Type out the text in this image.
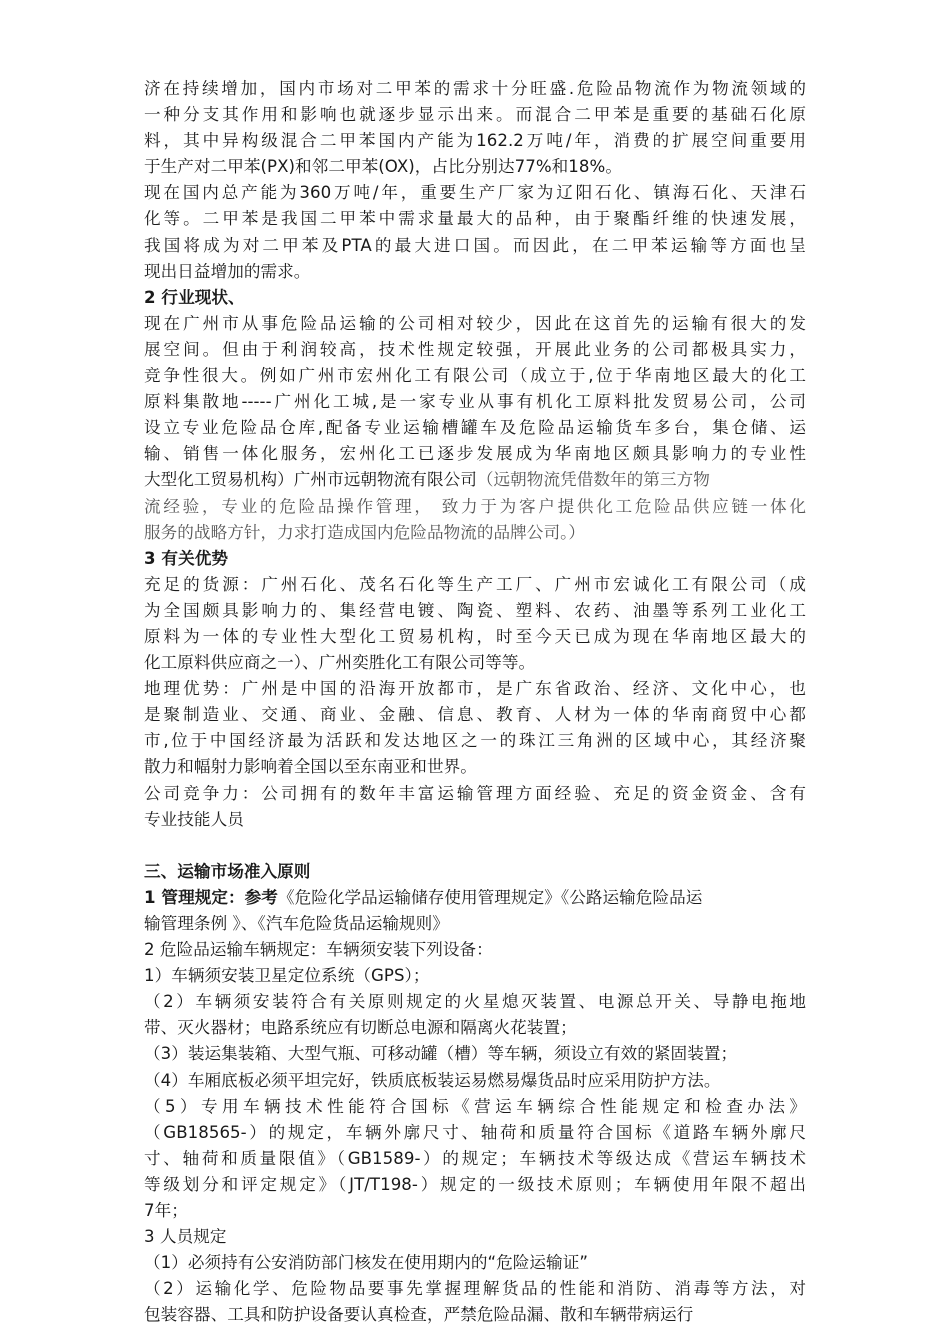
济在持续增加，国内市场对二甲苯的需求十分旺盛.危险品物流作为物流领域的
一种分支其作用和影响也就逐步显示出来。而混合二甲苯是重要的基础石化原
料，其中异构级混合二甲苯国内产能为162.2万吨/年，消费的扩展空间重要用
于生产对二甲苯(PX)和邻二甲苯(OX)，占比分别达77%和18%。
现在国内总产能为360万吨/年，重要生产厂家为辽阳石化、镇海石化、天津石
化等。二甲苯是我国二甲苯中需求量最大的品种，由于聚酯纤维的快速发展，
我国将成为对二甲苯及PTA的最大进口国。而因此，在二甲苯运输等方面也呈
现出日益增加的需求。
2 行业现状、
现在广州市从事危险品运输的公司相对较少，因此在这首先的运输有很大的发
展空间。但由于利润较高，技术性规定较强，开展此业务的公司都极具实力，
竞争性很大。例如广州市宏州化工有限公司（成立于,位于华南地区最大的化工
原料集散地-----广州化工城,是一家专业从事有机化工原料批发贸易公司，公司
设立专业危险品仓库,配备专业运输槽罐车及危险品运输货车多台，集仓储、运
输、销售一体化服务，宏州化工已逐步发展成为华南地区颇具影响力的专业性
大型化工贸易机构）广州市远朝物流有限公司（远朝物流凭借数年的第三方物
流经验，专业的危险品操作管理， 致力于为客户提供化工危险品供应链一体化
服务的战略方针，力求打造成国内危险品物流的品牌公司。）
3 有关优势
充足的货源：广州石化、茂名石化等生产工厂、广州市宏诚化工有限公司（成
为全国颇具影响力的、集经营电镀、陶瓷、塑料、农药、油墨等系列工业化工
原料为一体的专业性大型化工贸易机构，时至今天已成为现在华南地区最大的
化工原料供应商之一）、广州奕胜化工有限公司等等。
地理优势：广州是中国的沿海开放都市，是广东省政治、经济、文化中心，也
是聚制造业、交通、商业、金融、信息、教育、人材为一体的华南商贸中心都
市,位于中国经济最为活跃和发达地区之一的珠江三角洲的区域中心，其经济聚
散力和幅射力影响着全国以至东南亚和世界。
公司竞争力：公司拥有的数年丰富运输管理方面经验、充足的资金资金、含有
专业技能人员
三、运输市场准入原则
1 管理规定：参考《危险化学品运输储存使用管理规定》《公路运输危险品运
输管理条例 》、《汽车危险货品运输规则》
2 危险品运输车辆规定：车辆须安装下列设备：
1）车辆须安装卫星定位系统（GPS）；
（2）车辆须安装符合有关原则规定的火星熄灭装置、电源总开关、导静电拖地
带、灭火器材；电路系统应有切断总电源和隔离火花装置；
（3）装运集装箱、大型气瓶、可移动罐（槽）等车辆，须设立有效的紧固装置；
（4）车厢底板必须平坦完好，铁质底板装运易燃易爆货品时应采用防护方法。
（5）专用车辆技术性能符合国标《营运车辆综合性能规定和检查办法》
（GB18565-）的规定，车辆外廓尺寸、轴荷和质量符合国标《道路车辆外廓尺
寸、轴荷和质量限值》（GB1589-）的规定；车辆技术等级达成《营运车辆技术
等级划分和评定规定》（JT/T198-）规定的一级技术原则；车辆使用年限不超出
7年；
3 人员规定
（1）必须持有公安消防部门核发在使用期内的“危险运输证”
（2）运输化学、危险物品要事先掌握理解货品的性能和消防、消毒等方法，对
包装容器、工具和防护设备要认真检查，严禁危险品漏、散和车辆带病运行
